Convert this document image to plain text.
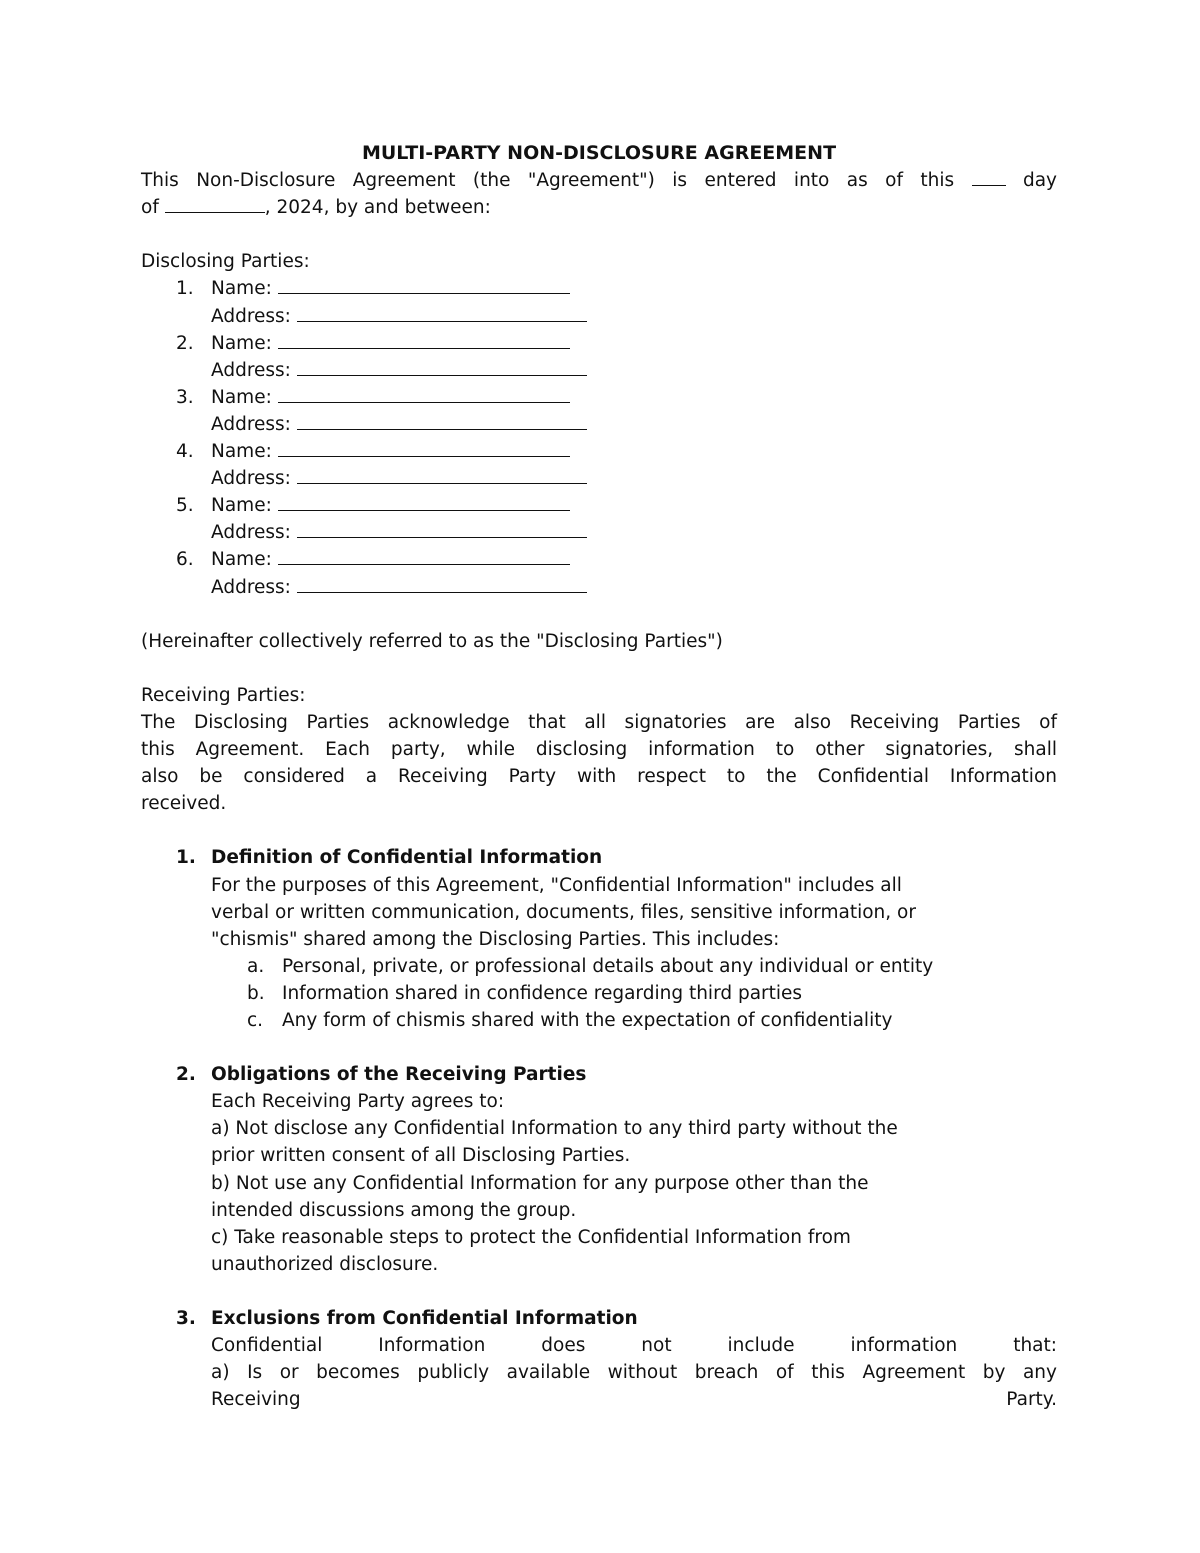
MULTI-PARTY NON-DISCLOSURE AGREEMENT
This Non-Disclosure Agreement (the "Agreement") is entered into as of this	day
of	, 2024, by and between:
Disclosing Parties:
1. Name:
Address:
2. Name:
Address:
3. Name:
Address:
4. Name:
Address:
5. Name:
Address:
6. Name:
Address:
(Hereinafter collectively referred to as the "Disclosing Parties")
Receiving Parties:
The Disclosing Parties acknowledge that all signatories are also Receiving Parties of
this Agreement. Each party, while disclosing information to other signatories, shall
also be considered a Receiving Party with respect to the Confidential Information
received.
1. Definition of Confidential Information
For the purposes of this Agreement, "Confidential Information" includes all
verbal or written communication, documents, files, sensitive information, or
"chismis" shared among the Disclosing Parties. This includes:
a. Personal, private, or professional details about any individual or entity
b. Information shared in confidence regarding third parties
c. Any form of chismis shared with the expectation of confidentiality
2. Obligations of the Receiving Parties
Each Receiving Party agrees to:
a) Not disclose any Confidential Information to any third party without the
prior written consent of all Disclosing Parties.
b) Not use any Confidential Information for any purpose other than the
intended discussions among the group.
c) Take reasonable steps to protect the Confidential Information from
unauthorized disclosure.
3. Exclusions from Confidential Information
Confidential Information does not include information that:
a) Is or becomes publicly available without breach of this Agreement by any
Receiving Party.
